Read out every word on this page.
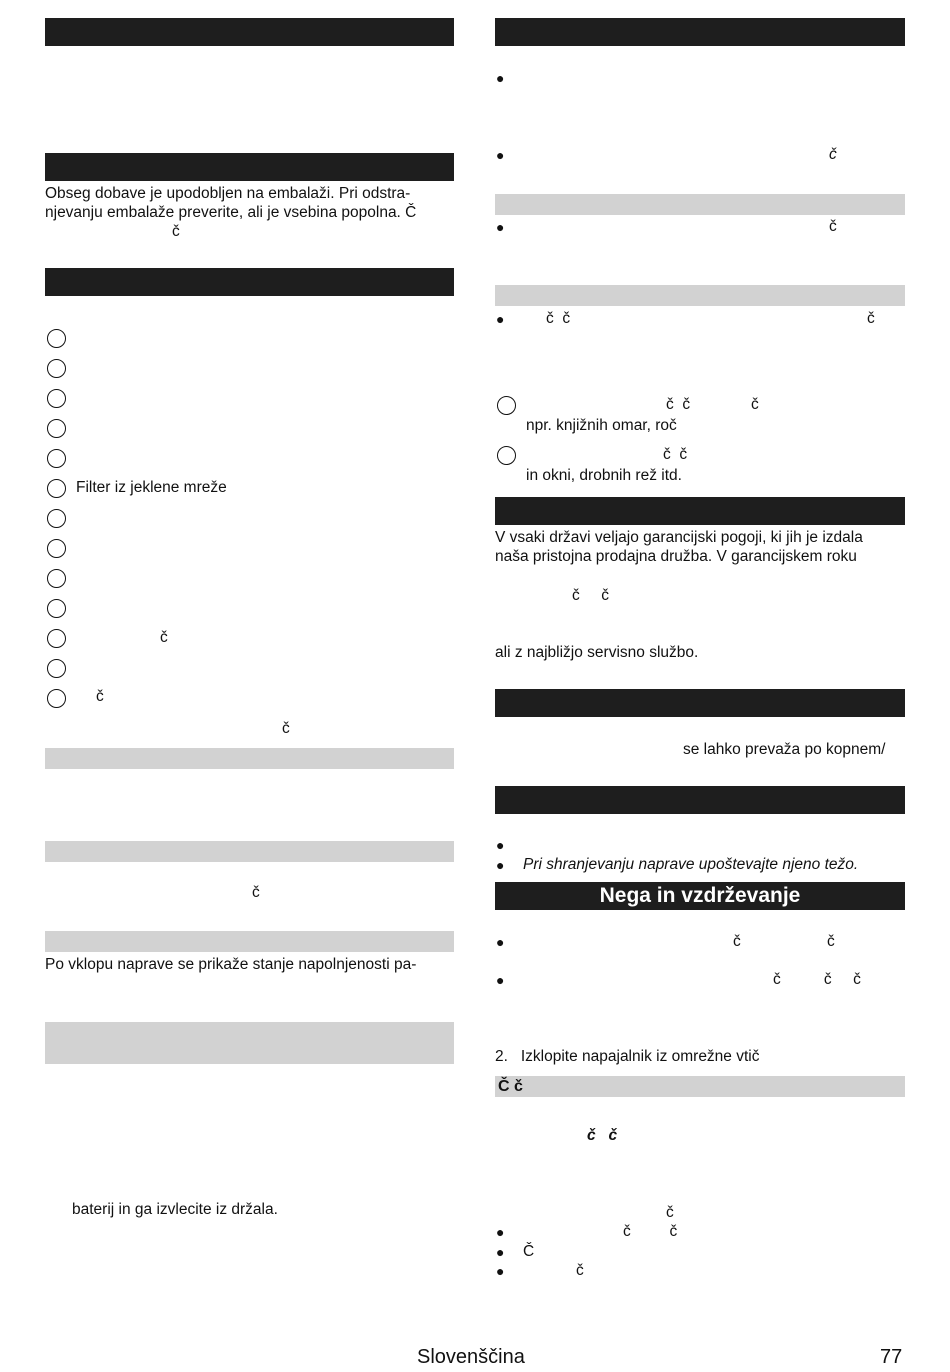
Obseg dobave je upodobljen na embalaži. Pri odstra-
njevanju embalaže preverite, ali je vsebina popolna. Č
č
Filter iz jeklene mreže
č
č
č
č
Po vklopu naprave se prikaže stanje napolnjenosti pa-
baterij in ga izvlecite iz držala.
●
●	č
●	č
●	č  č	č
č  č	č
npr. knjižnih omar, roč
č  č
in okni, drobnih rež itd.
V vsaki državi veljajo garancijski pogoji, ki jih je izdala
naša pristojna prodajna družba. V garancijskem roku
č     č
ali z najbližjo servisno službo.
se lahko prevaža po kopnem/
●
● Pri shranjevanju naprave upoštevajte njeno težo.
Nega in vzdrževanje
●	č	č
●	č          č     č
2.   Izklopite napajalnik iz omrežne vtič
Č č
č   č
č
●	č         č
● Č
●	č
Slovenščina	77
